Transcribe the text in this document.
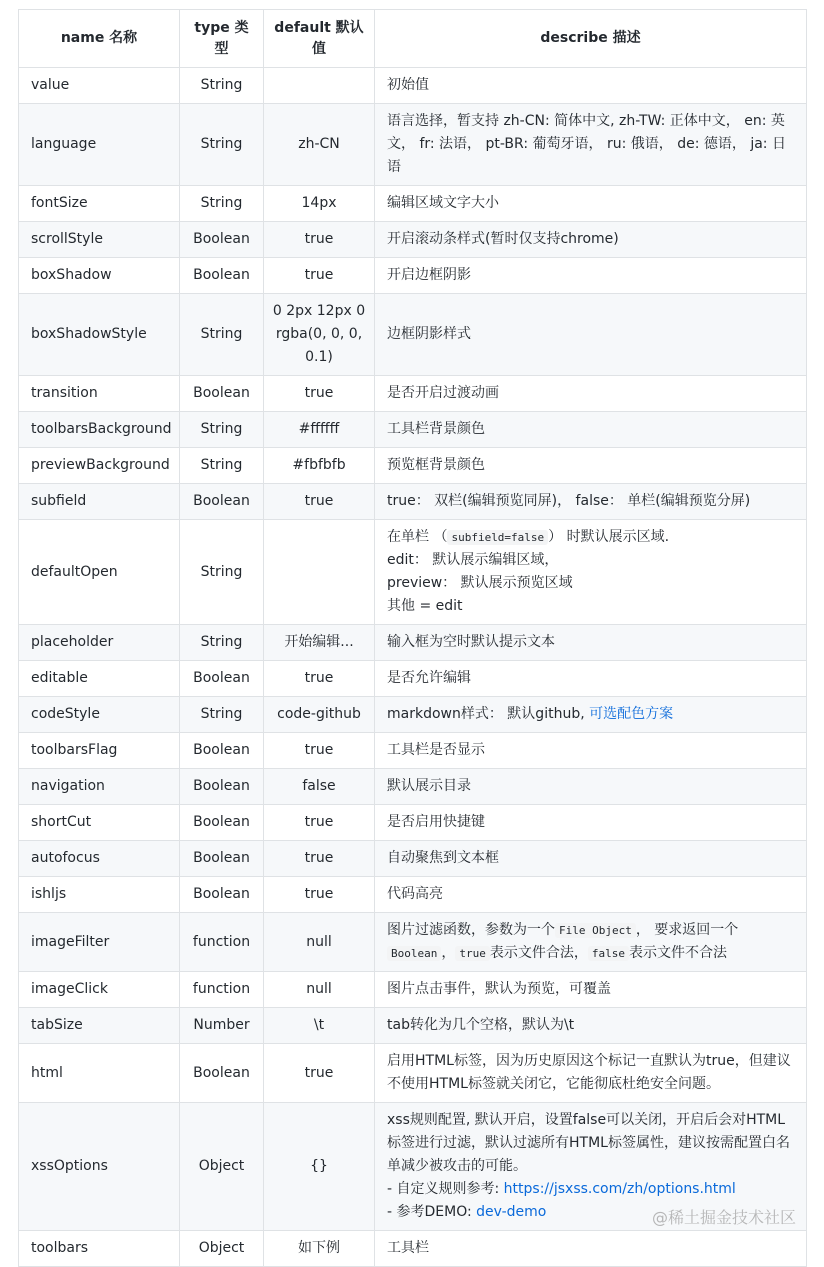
name 名称	type 类型	default 默认值	describe 描述
value	String		初始值
language	String	zh-CN	语言选择，暂支持 zh-CN: 简体中文, zh-TW: 正体中文， en: 英文， fr: 法语， pt-BR: 葡萄牙语， ru: 俄语， de: 德语， ja: 日语
fontSize	String	14px	编辑区域文字大小
scrollStyle	Boolean	true	开启滚动条样式(暂时仅支持chrome)
boxShadow	Boolean	true	开启边框阴影
boxShadowStyle	String	0 2px 12px 0 rgba(0, 0, 0, 0.1)	边框阴影样式
transition	Boolean	true	是否开启过渡动画
toolbarsBackground	String	#ffffff	工具栏背景颜色
previewBackground	String	#fbfbfb	预览框背景颜色
subfield	Boolean	true	true： 双栏(编辑预览同屏)， false： 单栏(编辑预览分屏)
defaultOpen	String		在单栏 （ subfield=false ） 时默认展示区域.
edit： 默认展示编辑区域，
preview： 默认展示预览区域
其他 = edit

placeholder	String	开始编辑...	输入框为空时默认提示文本
editable	Boolean	true	是否允许编辑
codeStyle	String	code-github	markdown样式： 默认github, 可选配色方案
toolbarsFlag	Boolean	true	工具栏是否显示
navigation	Boolean	false	默认展示目录
shortCut	Boolean	true	是否启用快捷键
autofocus	Boolean	true	自动聚焦到文本框
ishljs	Boolean	true	代码高亮
imageFilter	function	null	图片过滤函数，参数为一个 File Object ， 要求返回一个Boolean ， true 表示文件合法， false 表示文件不合法
imageClick	function	null	图片点击事件，默认为预览，可覆盖
tabSize	Number	\t	tab转化为几个空格，默认为\t
html	Boolean	true	启用HTML标签，因为历史原因这个标记一直默认为true，但建议不使用HTML标签就关闭它，它能彻底杜绝安全问题。
xssOptions	Object	{}	xss规则配置, 默认开启，设置false可以关闭，开启后会对HTML标签进行过滤，默认过滤所有HTML标签属性，建议按需配置白名单减少被攻击的可能。
- 自定义规则参考: https://jsxss.com/zh/options.html
- 参考DEMO: dev-demo

toolbars	Object	如下例	工具栏
@稀土掘金技术社区
